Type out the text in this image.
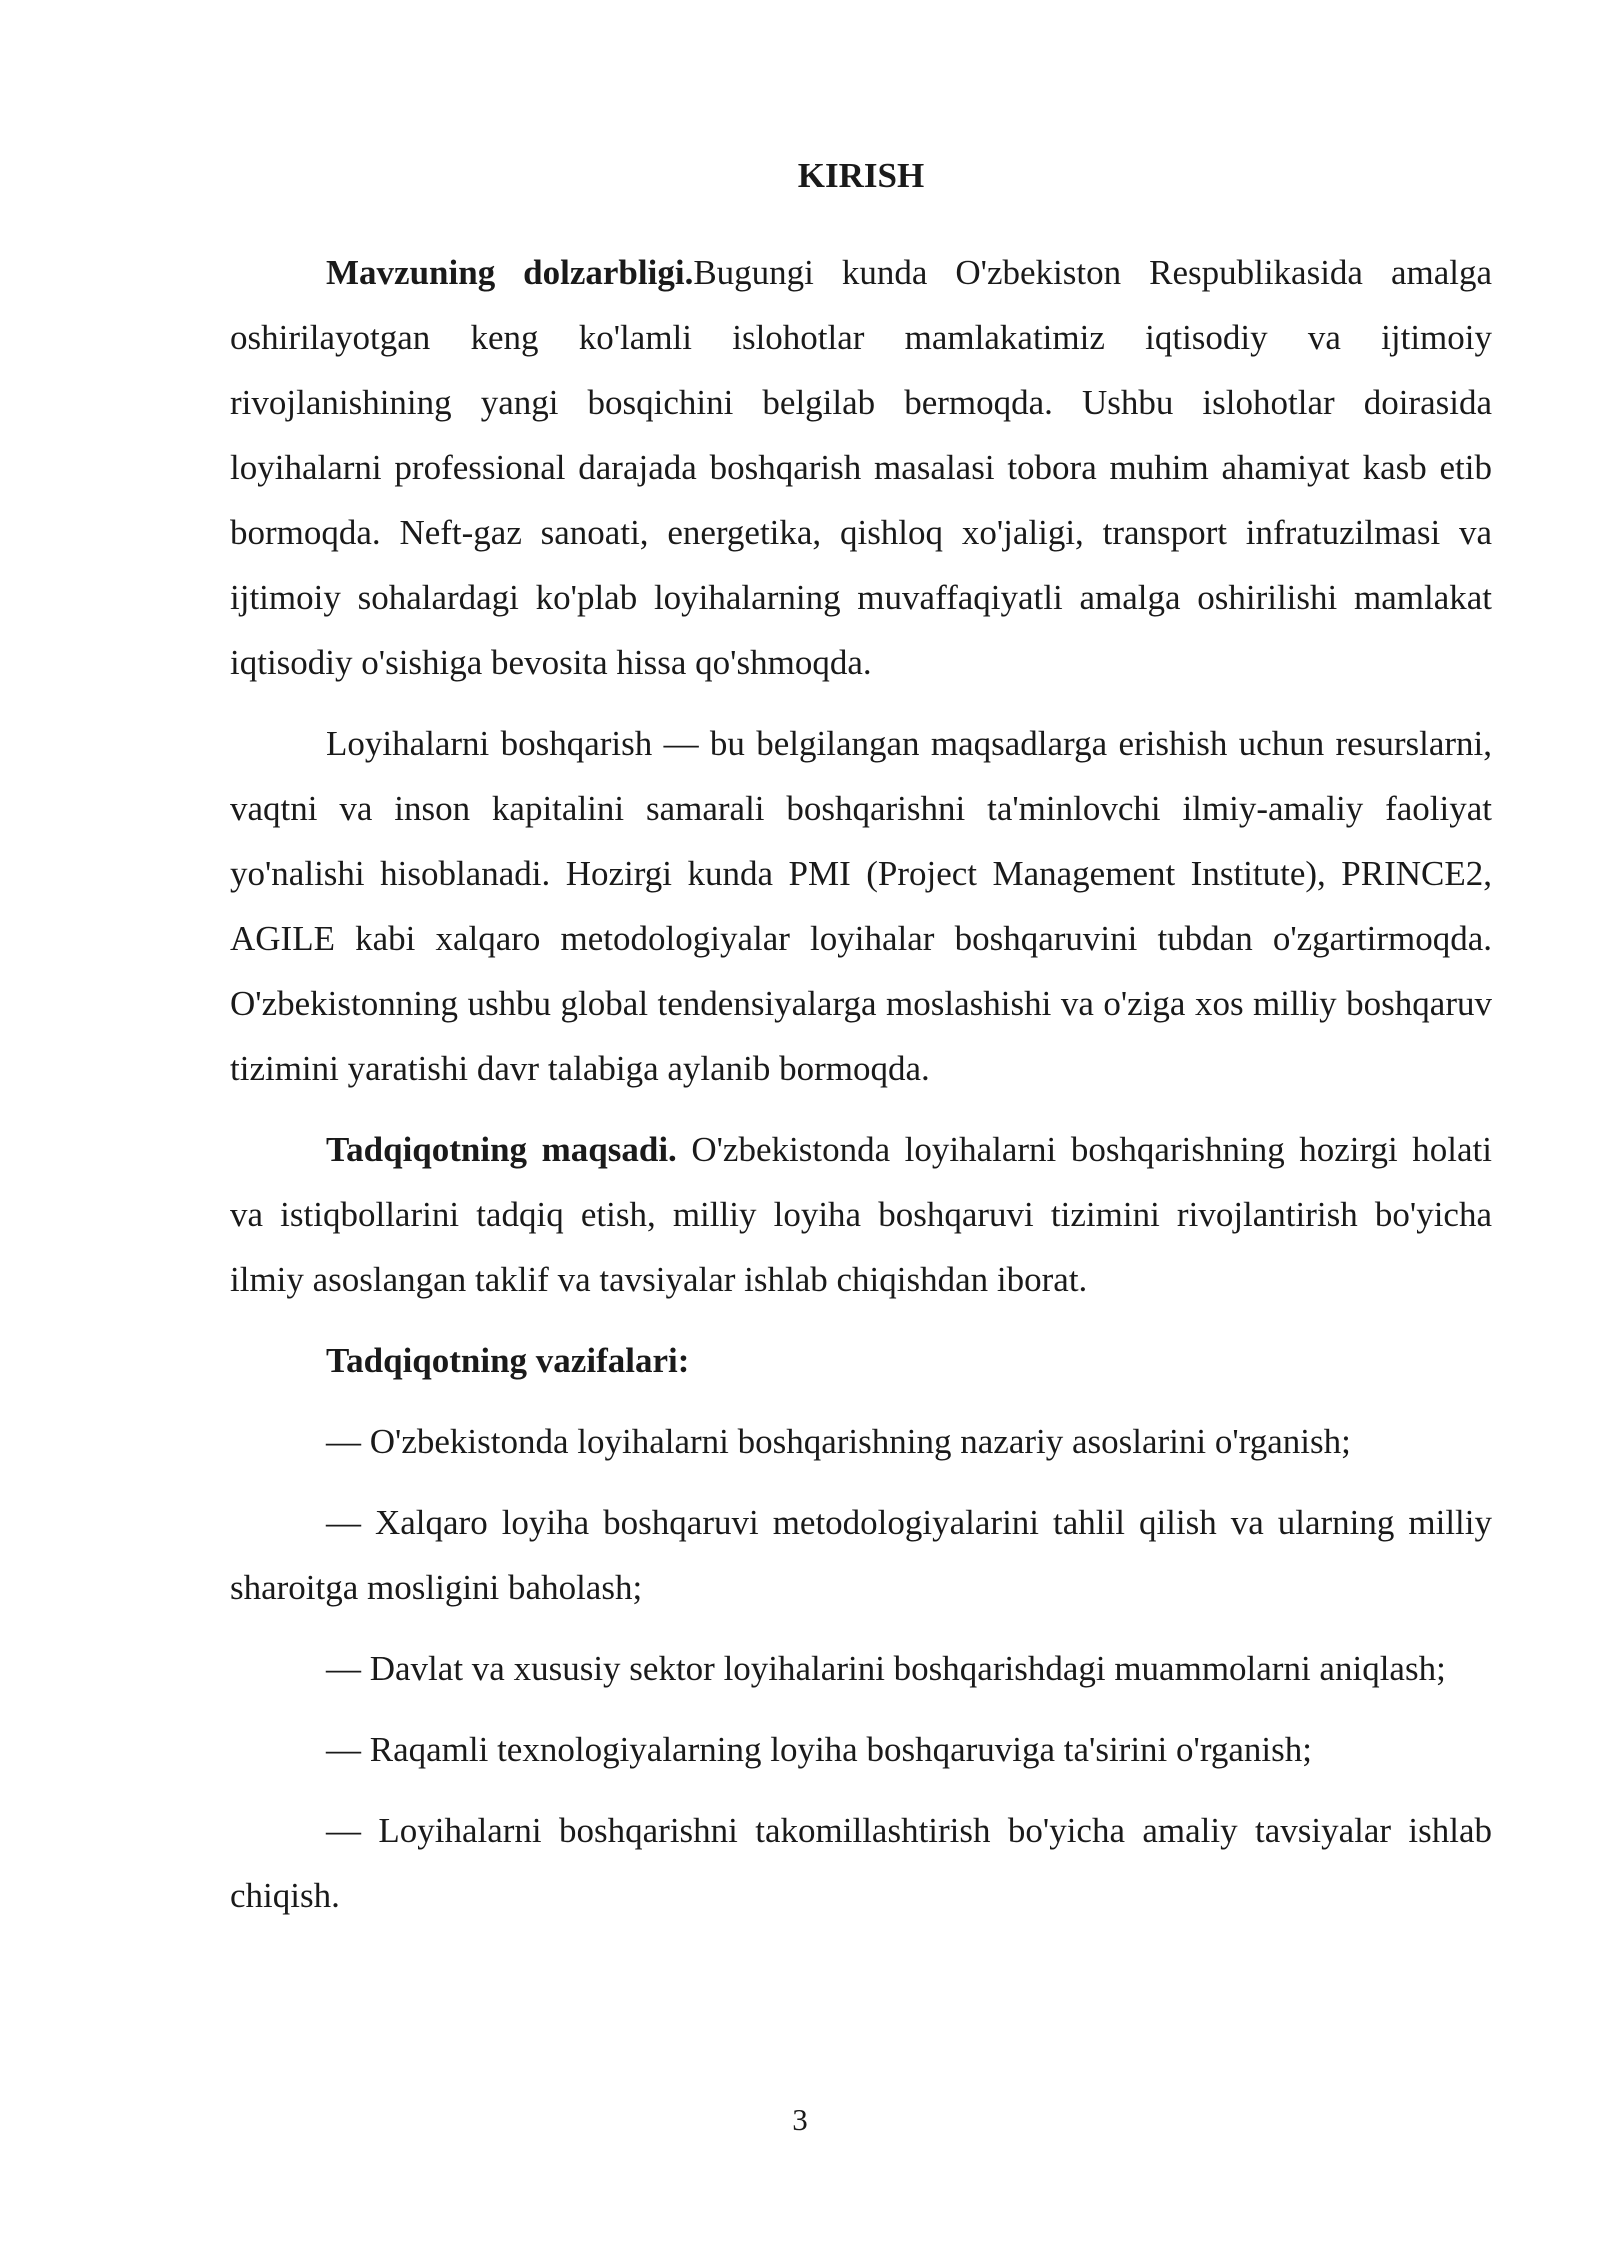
KIRISH

Mavzuning dolzarbligi.Bugungi kunda O'zbekiston Respublikasida amalga oshirilayotgan keng ko'lamli islohotlar mamlakatimiz iqtisodiy va ijtimoiy rivojlanishining yangi bosqichini belgilab bermoqda. Ushbu islohotlar doirasida loyihalarni professional darajada boshqarish masalasi tobora muhim ahamiyat kasb etib bormoqda. Neft-gaz sanoati, energetika, qishloq xo'jaligi, transport infratuzilmasi va ijtimoiy sohalardagi ko'plab loyihalarning muvaffaqiyatli amalga oshirilishi mamlakat iqtisodiy o'sishiga bevosita hissa qo'shmoqda.

Loyihalarni boshqarish — bu belgilangan maqsadlarga erishish uchun resurslarni, vaqtni va inson kapitalini samarali boshqarishni ta'minlovchi ilmiy-amaliy faoliyat yo'nalishi hisoblanadi. Hozirgi kunda PMI (Project Management Institute), PRINCE2, AGILE kabi xalqaro metodologiyalar loyihalar boshqaruvini tubdan o'zgartirmoqda. O'zbekistonning ushbu global tendensiyalarga moslashishi va o'ziga xos milliy boshqaruv tizimini yaratishi davr talabiga aylanib bormoqda.

Tadqiqotning maqsadi. O'zbekistonda loyihalarni boshqarishning hozirgi holati va istiqbollarini tadqiq etish, milliy loyiha boshqaruvi tizimini rivojlantirish bo'yicha ilmiy asoslangan taklif va tavsiyalar ishlab chiqishdan iborat.

Tadqiqotning vazifalari:

— O'zbekistonda loyihalarni boshqarishning nazariy asoslarini o'rganish;

— Xalqaro loyiha boshqaruvi metodologiyalarini tahlil qilish va ularning milliy sharoitga mosligini baholash;

— Davlat va xususiy sektor loyihalarini boshqarishdagi muammolarni aniqlash;

— Raqamli texnologiyalarning loyiha boshqaruviga ta'sirini o'rganish;

— Loyihalarni boshqarishni takomillashtirish bo'yicha amaliy tavsiyalar ishlab chiqish.

3
